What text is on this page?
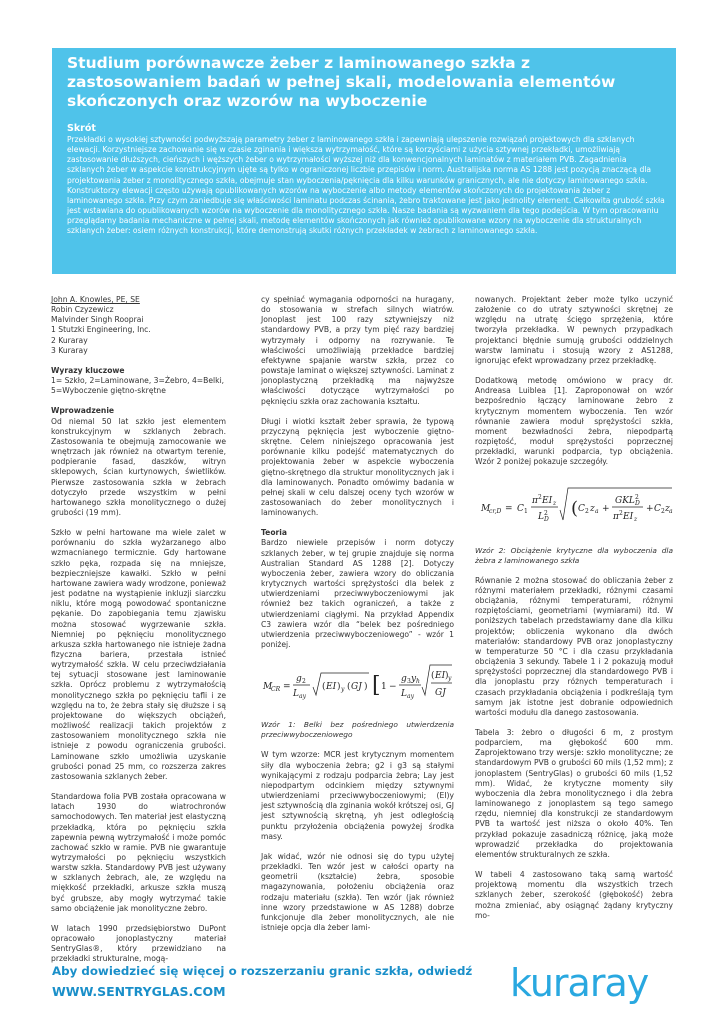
Studium porównawcze żeber z laminowanego szkła z zastosowaniem badań w pełnej skali, modelowania elementów skończonych oraz wzorów na wyboczenie
Skrót

Przekładki o wysokiej sztywności podwyższają parametry żeber z laminowanego szkła i zapewniają ulepszenie rozwiązań projektowych dla szklanych elewacji. Korzystniejsze zachowanie się w czasie zginania i większa wytrzymałość, które są korzyściami z użycia sztywnej przekładki, umożliwiają zastosowanie dłuższych, cieńszych i węższych żeber o wytrzymałości wyższej niż dla konwencjonalnych laminatów z materiałem PVB. Zagadnienia szklanych żeber w aspekcie konstrukcyjnym ujęte są tylko w ograniczonej liczbie przepisów i norm. Australijska norma AS 1288 jest pozycją znaczącą dla projektowania żeber z monolitycznego szkła, obejmuje stan wyboczenia/pęknięcia dla kilku warunków granicznych, ale nie dotyczy laminowanego szkła. Konstruktorzy elewacji często używają opublikowanych wzorów na wyboczenie albo metody elementów skończonych do projektowania żeber z laminowanego szkła. Przy czym zaniedbuje się właściwości laminatu podczas ścinania, żebro traktowane jest jako jednolity element. Całkowita grubość szkła jest wstawiana do opublikowanych wzorów na wyboczenie dla monolitycznego szkła. Nasze badania są wyzwaniem dla tego podejścia. W tym opracowaniu przeglądamy badania mechaniczne w pełnej skali, metodę elementów skończonych jak również opublikowane wzory na wyboczenie dla strukturalnych szklanych żeber: osiem różnych konstrukcji, które demonstrują skutki różnych przekładek w żebrach z laminowanego szkła.

John A. Knowles, PE, SE

Robin Czyzewicz

Malvinder Singh Rooprai

1 Stutzki Engineering, Inc.

2 Kuraray

3 Kuraray

Wyrazy kluczowe

1= Szkło, 2=Laminowane, 3=Żebro, 4=Belki,

5=Wyboczenie giętno-skrętne

Wprowadzenie

Od niemal 50 lat szkło jest elementem konstrukcyjnym w szklanych żebrach. Zastosowania te obejmują zamocowanie we wnętrzach jak również na otwartym terenie, podpieranie fasad, daszków, witryn sklepowych, ścian kurtynowych, świetlików. Pierwsze zastosowania szkła w żebrach dotyczyło przede wszystkim w pełni hartowanego szkła monolitycznego o dużej grubości (19 mm).

Szkło w pełni hartowane ma wiele zalet w porównaniu do szkła wyżarzanego albo wzmacnianego termicznie. Gdy hartowane szkło pęka, rozpada się na mniejsze, bezpieczniejsze kawałki. Szkło w pełni hartowane zawiera wady wrodzone, ponieważ jest podatne na wystąpienie inkluzji siarczku niklu, które mogą powodować spontaniczne pękanie. Do zapobiegania temu zjawisku można stosować wygrzewanie szkła. Niemniej po pęknięciu monolitycznego arkusza szkła hartowanego nie istnieje żadna fizyczna bariera, przestała istnieć wytrzymałość szkła. W celu przeciwdziałania tej sytuacji stosowane jest laminowanie szkła. Oprócz problemu z wytrzymałością monolitycznego szkła po pęknięciu tafli i ze względu na to, że żebra stały się dłuższe i są projektowane do większych obciążeń, możliwość realizacji takich projektów z zastosowaniem monolitycznego szkła nie istnieje z powodu ograniczenia grubości. Laminowane szkło umożliwia uzyskanie grubości ponad 25 mm, co rozszerza zakres zastosowania szklanych żeber.

Standardowa folia PVB została opracowana w latach 1930 do wiatrochronów samochodowych. Ten materiał jest elastyczną przekładką, która po pęknięciu szkła zapewnia pewną wytrzymałość i może pomóc zachować szkło w ramie. PVB nie gwarantuje wytrzymałości po pęknięciu wszystkich warstw szkła. Standardowy PVB jest używany w szklanych żebrach, ale, ze względu na miękkość przekładki, arkusze szkła muszą być grubsze, aby mogły wytrzymać takie samo obciążenie jak monolityczne żebro.

W latach 1990 przedsiębiorstwo DuPont opracowało jonoplastyczny materiał SentryGlas®, który przewidziano na przekładki strukturalne, mogą-

cy spełniać wymagania odporności na huragany, do stosowania w strefach silnych wiatrów. Jonoplast jest 100 razy sztywniejszy niż standardowy PVB, a przy tym pięć razy bardziej wytrzymały i odporny na rozrywanie. Te właściwości umożliwiają przekładce bardziej efektywne spajanie warstw szkła, przez co powstaje laminat o większej sztywności. Laminat z jonoplastyczną przekładką ma najwyższe właściwości dotyczące wytrzymałości po pęknięciu szkła oraz zachowania kształtu.

Długi i wiotki kształt żeber sprawia, że typową przyczyną pęknięcia jest wyboczenie giętno-skrętne. Celem niniejszego opracowania jest porównanie kilku podejść matematycznych do projektowania żeber w aspekcie wyboczenia giętno-skrętnego dla struktur monolitycznych jak i dla laminowanych. Ponadto omówimy badania w pełnej skali w celu dalszej oceny tych wzorów w zastosowaniach do żeber monolitycznych i laminowanych.

Teoria

Bardzo niewiele przepisów i norm dotyczy szklanych żeber, w tej grupie znajduje się norma Australian Standard AS 1288 [2]. Dotyczy wyboczenia żeber, zawiera wzory do obliczania krytycznych wartości sprężystości dla belek z utwierdzeniami przeciwwyboczeniowymi jak również bez takich ograniczeń, a także z utwierdzeniami ciągłymi. Na przykład Appendix C3 zawiera wzór dla “belek bez pośredniego utwierdzenia przeciwwyboczeniowego” - wzór 1 poniżej.

M
CR =
g 2
L ay
( EI ) y ( GJ ) [ 1 −
g 3 y h
L ay
( EI ) y
GJ

Wzór 1: Belki bez pośredniego utwierdzenia przeciwwyboczeniowego

W tym wzorze: MCR jest krytycznym momentem siły dla wyboczenia żebra; g2 i g3 są stałymi wynikającymi z rodzaju podparcia żebra; Lay jest niepodpartym odcinkiem między sztywnymi utwierdzeniami przeciwwyboczeniowymi; (EI)y jest sztywnością dla zginania wokół krótszej osi, GJ jest sztywnością skrętną, yh jest odległością punktu przyłożenia obciążenia powyżej środka masy.

Jak widać, wzór nie odnosi się do typu użytej przekładki. Ten wzór jest w całości oparty na geometrii (kształcie) żebra, sposobie magazynowania, położeniu obciążenia oraz rodzaju materiału (szkła). Ten wzór (jak również inne wzory przedstawione w AS 1288) dobrze funkcjonuje dla żeber monolitycznych, ale nie istnieje opcja dla żeber lami-

nowanych. Projektant żeber może tylko uczynić założenie co do utraty sztywności skrętnej ze względu na utratę ścięgo sprzężenia, które tworzyła przekładka. W pewnych przypadkach projektanci błędnie sumują grubości oddzielnych warstw laminatu i stosują wzory z AS1288, ignorując efekt wprowadzany przez przekładkę.

Dodatkową metodę omówiono w pracy dr. Andreasa Luiblea [1]. Zaproponował on wzór bezpośrednio łączący laminowane żebro z krytycznym momentem wyboczenia. Ten wzór równanie zawiera moduł sprężystości szkła, moment bezwładności żebra, niepodpartą rozpiętość, moduł sprężystości poprzecznej przekładki, warunki podparcia, typ obciążenia. Wzór 2 poniżej pokazuje szczegóły.

M
cr,D = C 1
π 2 EI z
L D
2 ( C 2 z a +
GKL D
2
π 2 EI z
+ C 2 z a

Wzór 2: Obciążenie krytyczne dla wyboczenia dla żebra z laminowanego szkła

Równanie 2 można stosować do obliczania żeber z różnymi materiałem przekładki, różnymi czasami obciążania, różnymi temperaturami, różnymi rozpiętościami, geometriami (wymiarami) itd. W poniższych tabelach przedstawiamy dane dla kilku projektów; obliczenia wykonano dla dwóch materiałów: standardowy PVB oraz jonoplastyczny w temperaturze 50 °C i dla czasu przykładania obciążenia 3 sekundy. Tabele 1 i 2 pokazują moduł sprężystości poprzecznej dla standardowego PVB i dla jonoplastu przy różnych temperaturach i czasach przykładania obciążenia i podkreślają tym samym jak istotne jest dobranie odpowiednich wartości modułu dla danego zastosowania.

Tabela 3: żebro o długości 6 m, z prostym podparciem, ma głębokość 600 mm. Zaprojektowano trzy wersje: szkło monolityczne; ze standardowym PVB o grubości 60 mils (1,52 mm); z jonoplastem (SentryGlas) o grubości 60 mils (1,52 mm). Widać, że krytyczne momenty siły wyboczenia dla żebra monolitycznego i dla żebra laminowanego z jonoplastem są tego samego rzędu, niemniej dla konstrukcji ze standardowym PVB ta wartość jest niższa o około 40%. Ten przykład pokazuje zasadniczą różnicę, jaką może wprowadzić przekładka do projektowania elementów strukturalnych ze szkła.

W tabeli 4 zastosowano taką samą wartość projektową momentu dla wszystkich trzech szklanych żeber, szerokość (głębokość) żebra można zmieniać, aby osiągnąć żądany krytyczny mo-

Aby dowiedzieć się więcej o rozszerzaniu granic szkła, odwiedź
WWW.SENTRYGLAS.COM	kuraray
